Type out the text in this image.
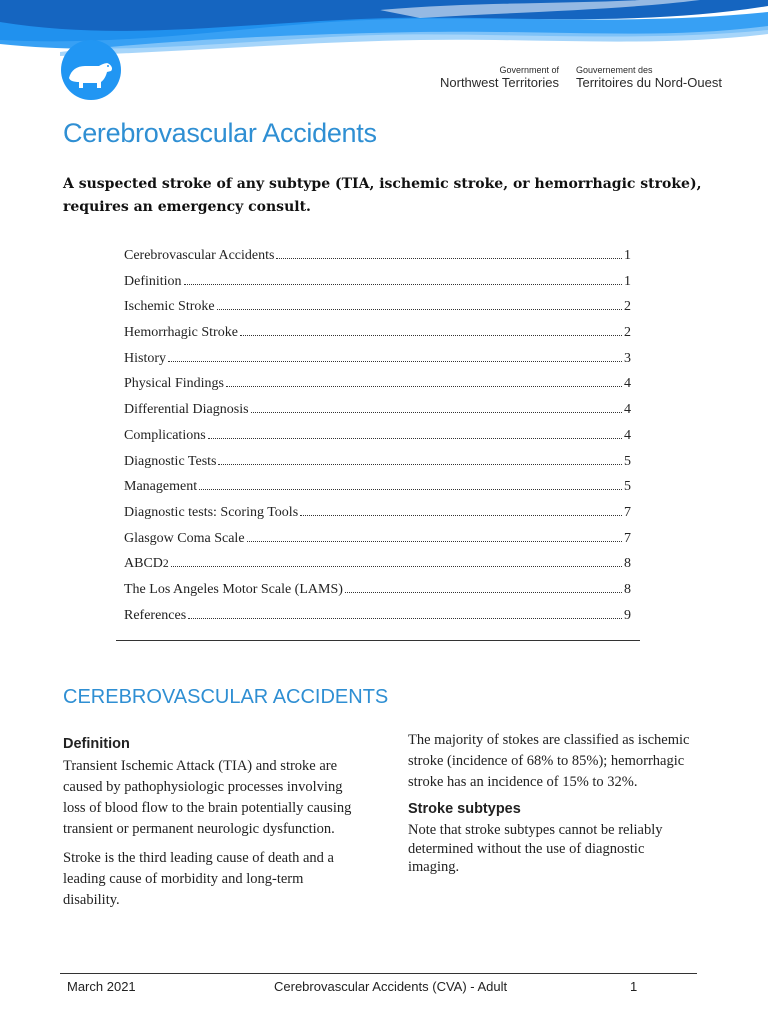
Government of
Northwest Territories
Gouvernement des
Territoires du Nord-Ouest
Cerebrovascular Accidents

A suspected stroke of any subtype (TIA, ischemic stroke, or hemorrhagic stroke), requires an emergency consult.

Cerebrovascular Accidents	1
Definition	1
Ischemic Stroke	2
Hemorrhagic Stroke	2
History	3
Physical Findings	4
Differential Diagnosis	4
Complications	4
Diagnostic Tests	5
Management	5
Diagnostic tests: Scoring Tools	7
Glasgow Coma Scale	7
ABCD 2	8
The Los Angeles Motor Scale (LAMS)	8
References	9
CEREBROVASCULAR ACCIDENTS
Definition

Transient Ischemic Attack (TIA) and stroke are caused by pathophysiologic processes involving loss of blood flow to the brain potentially causing transient or permanent neurologic dysfunction.

Stroke is the third leading cause of death and a leading cause of morbidity and long-term disability.

The majority of stokes are classified as ischemic stroke (incidence of 68% to 85%); hemorrhagic stroke has an incidence of 15% to 32%.

Stroke subtypes

Note that stroke subtypes cannot be reliably determined without the use of diagnostic imaging.

March 2021	Cerebrovascular Accidents (CVA) - Adult	1
